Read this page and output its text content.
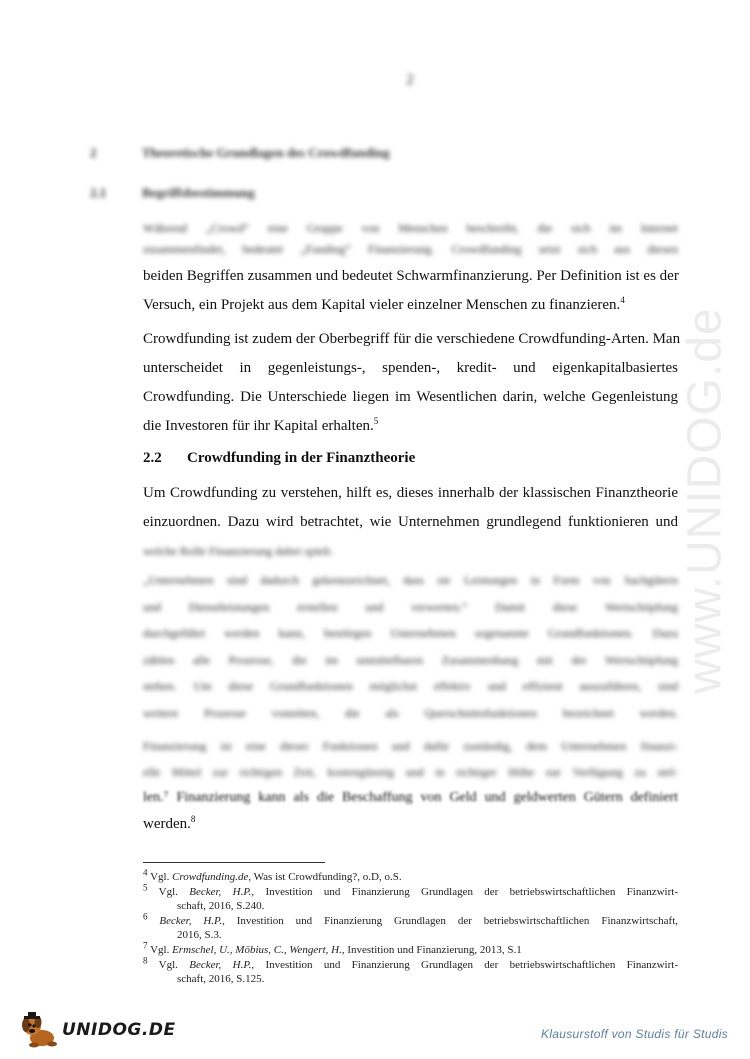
2
2	Theoretische Grundlagen des Crowdfunding
2.1	Begriffsbestimmung
Während „Crowd“ eine Gruppe von Menschen beschreibt, die sich im Internet
zusammenfindet, bedeutet „Funding“ Finanzierung. Crowdfunding setzt sich aus diesen
beiden Begriffen zusammen und bedeutet Schwarmfinanzierung. Per Definition ist es der
Versuch, ein Projekt aus dem Kapital vieler einzelner Menschen zu finanzieren.$^4$
Crowdfunding ist zudem der Oberbegriff für die verschiedene Crowdfunding-Arten. Man
unterscheidet in gegenleistungs-, spenden-, kredit- und eigenkapitalbasiertes
Crowdfunding. Die Unterschiede liegen im Wesentlichen darin, welche Gegenleistung
die Investoren für ihr Kapital erhalten.$^5$
2.2 Crowdfunding in der Finanztheorie
Um Crowdfunding zu verstehen, hilft es, dieses innerhalb der klassischen Finanztheorie
einzuordnen. Dazu wird betrachtet, wie Unternehmen grundlegend funktionieren und
welche Rolle Finanzierung dabei spielt.
„Unternehmen sind dadurch gekennzeichnet, dass sie Leistungen in Form von Sachgütern
und Dienstleistungen erstellen und verwerten.“ Damit diese Wertschöpfung
durchgeführt werden kann, benötigen Unternehmen sogenannte Grundfunktionen. Dazu
zählen alle Prozesse, die im unmittelbaren Zusammenhang mit der Wertschöpfung
stehen. Um diese Grundfunktionen möglichst effektiv und effizient auszuführen, sind
weitere Prozesse vonnöten, die als Querschnittsfunktionen bezeichnet werden.
Finanzierung ist eine dieser Funktionen und dafür zuständig, dem Unternehmen finanzi-
elle Mittel zur richtigen Zeit, kostengünstig und in richtiger Höhe zur Verfügung zu stel-
len.⁷ Finanzierung kann als die Beschaffung von Geld und geldwerten Gütern definiert
werden.$^8$
$^4$ Vgl. Crowdfunding.de, Was ist Crowdfunding?, o.D, o.S.
$^5$ Vgl. Becker, H.P., Investition und Finanzierung Grundlagen der betriebswirtschaftlichen Finanzwirt-
schaft, 2016, S.240.
$^6$ Becker, H.P., Investition und Finanzierung Grundlagen der betriebswirtschaftlichen Finanzwirtschaft,
2016, S.3.
$^7$ Vgl. Ermschel, U., Möbius, C., Wengert, H., Investition und Finanzierung, 2013, S.1
$^8$ Vgl. Becker, H.P., Investition und Finanzierung Grundlagen der betriebswirtschaftlichen Finanzwirt-
schaft, 2016, S.125.
www.UNIDOG.de
UNIDOG.DE	Klausurstoff von Studis für Studis
